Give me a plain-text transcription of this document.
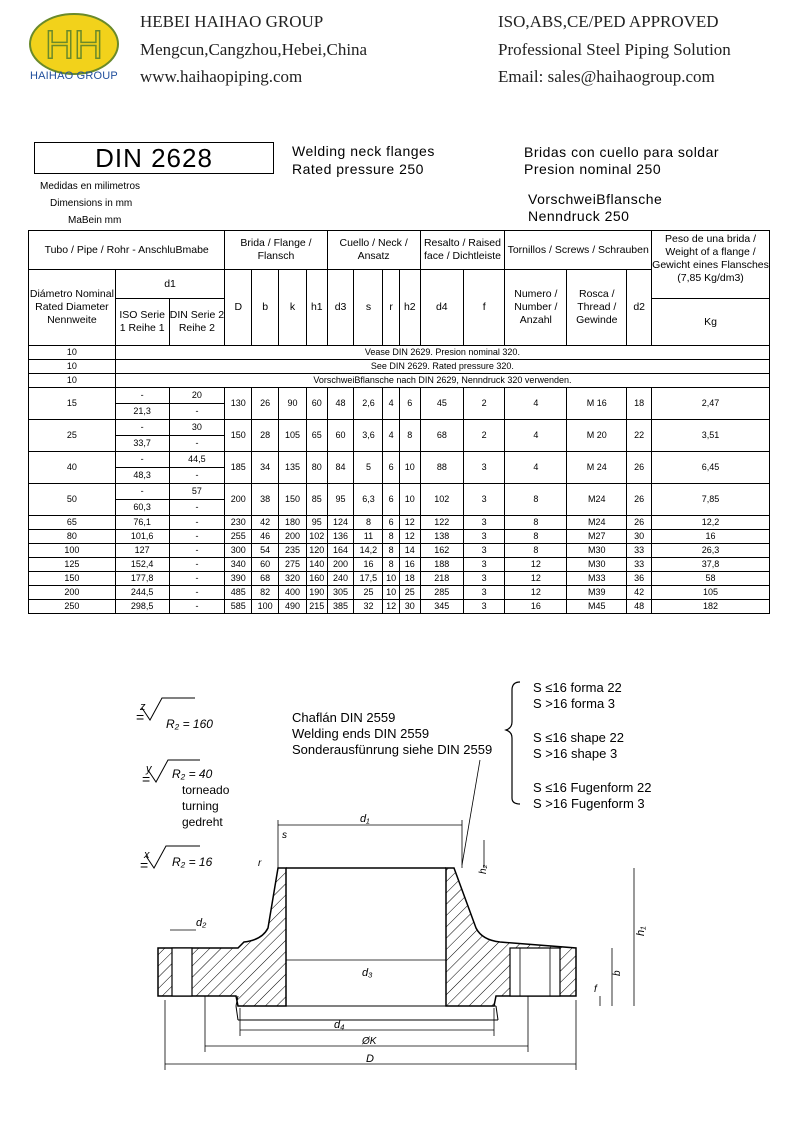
HH
HAIHAO GROUP
HEBEI HAIHAO GROUP
Mengcun,Cangzhou,Hebei,China
www.haihaopiping.com
ISO,ABS,CE/PED APPROVED
Professional Steel Piping Solution
Email: sales@haihaogroup.com
DIN 2628	Welding neck flanges
Rated pressure 250
Bridas con cuello para soldar
Presion nominal 250
VorschweiBflansche
Nenndruck 250
Medidas en milimetros
Dimensions in mm
MaBein mm
Tubo / Pipe / Rohr - AnschluBmabe			Brida / Flange / Flansch				Cuello / Neck / Ansatz				Resalto / Raised face / Dichtleiste		Tornillos / Screws / Schrauben			Peso de una brida / Weight of a flange / Gewicht eines Flansches (7,85 Kg/dm3)
Diámetro Nominal Rated Diameter Nennweite	d1		D	b	k	h1	d3	s	r	h2	d4	f	Numero / Number / Anzahl	Rosca / Thread / Gewinde	d2	
	ISO Serie 1 Reihe 1	DIN Serie 2 Reihe 2														Kg
10	Vease DIN 2629. Presion nominal 320.															
10	See DIN 2629. Rated pressure 320.															
10	VorschweiBflansche nach DIN 2629, Nenndruck 320 verwenden.															
15	-	20	130	26	90	60	48	2,6	4	6	45	2	4	M 16	18	2,47
	21,3	-														
25	-	30	150	28	105	65	60	3,6	4	8	68	2	4	M 20	22	3,51
	33,7	-														
40	-	44,5	185	34	135	80	84	5	6	10	88	3	4	M 24	26	6,45
	48,3	-														
50	-	57	200	38	150	85	95	6,3	6	10	102	3	8	M24	26	7,85
	60,3	-														
65	76,1	-	230	42	180	95	124	8	6	12	122	3	8	M24	26	12,2
80	101,6	-	255	46	200	102	136	11	8	12	138	3	8	M27	30	16
100	127	-	300	54	235	120	164	14,2	8	14	162	3	8	M30	33	26,3
125	152,4	-	340	60	275	140	200	16	8	16	188	3	12	M30	33	37,8
150	177,8	-	390	68	320	160	240	17,5	10	18	218	3	12	M33	36	58
200	244,5	-	485	82	400	190	305	25	10	25	285	3	12	M39	42	105
250	298,5	-	585	100	490	215	385	32	12	30	345	3	16	M45	48	182
z
= R₂ = 160
y
= R₂ = 40
torneado
turning
gedreht
x
= R₂ = 16
Chaflán DIN 2559
Welding ends DIN 2559
Sonderausfünrung siehe DIN 2559
S ≤16 forma 22
S >16 forma 3
S ≤16 shape 22
S >16 shape 3
S ≤16 Fugenform 22
S >16 Fugenform 3
d₁
d₃
d₄
ØK
D
d₂
s
r
h₁
h₂
b
f
